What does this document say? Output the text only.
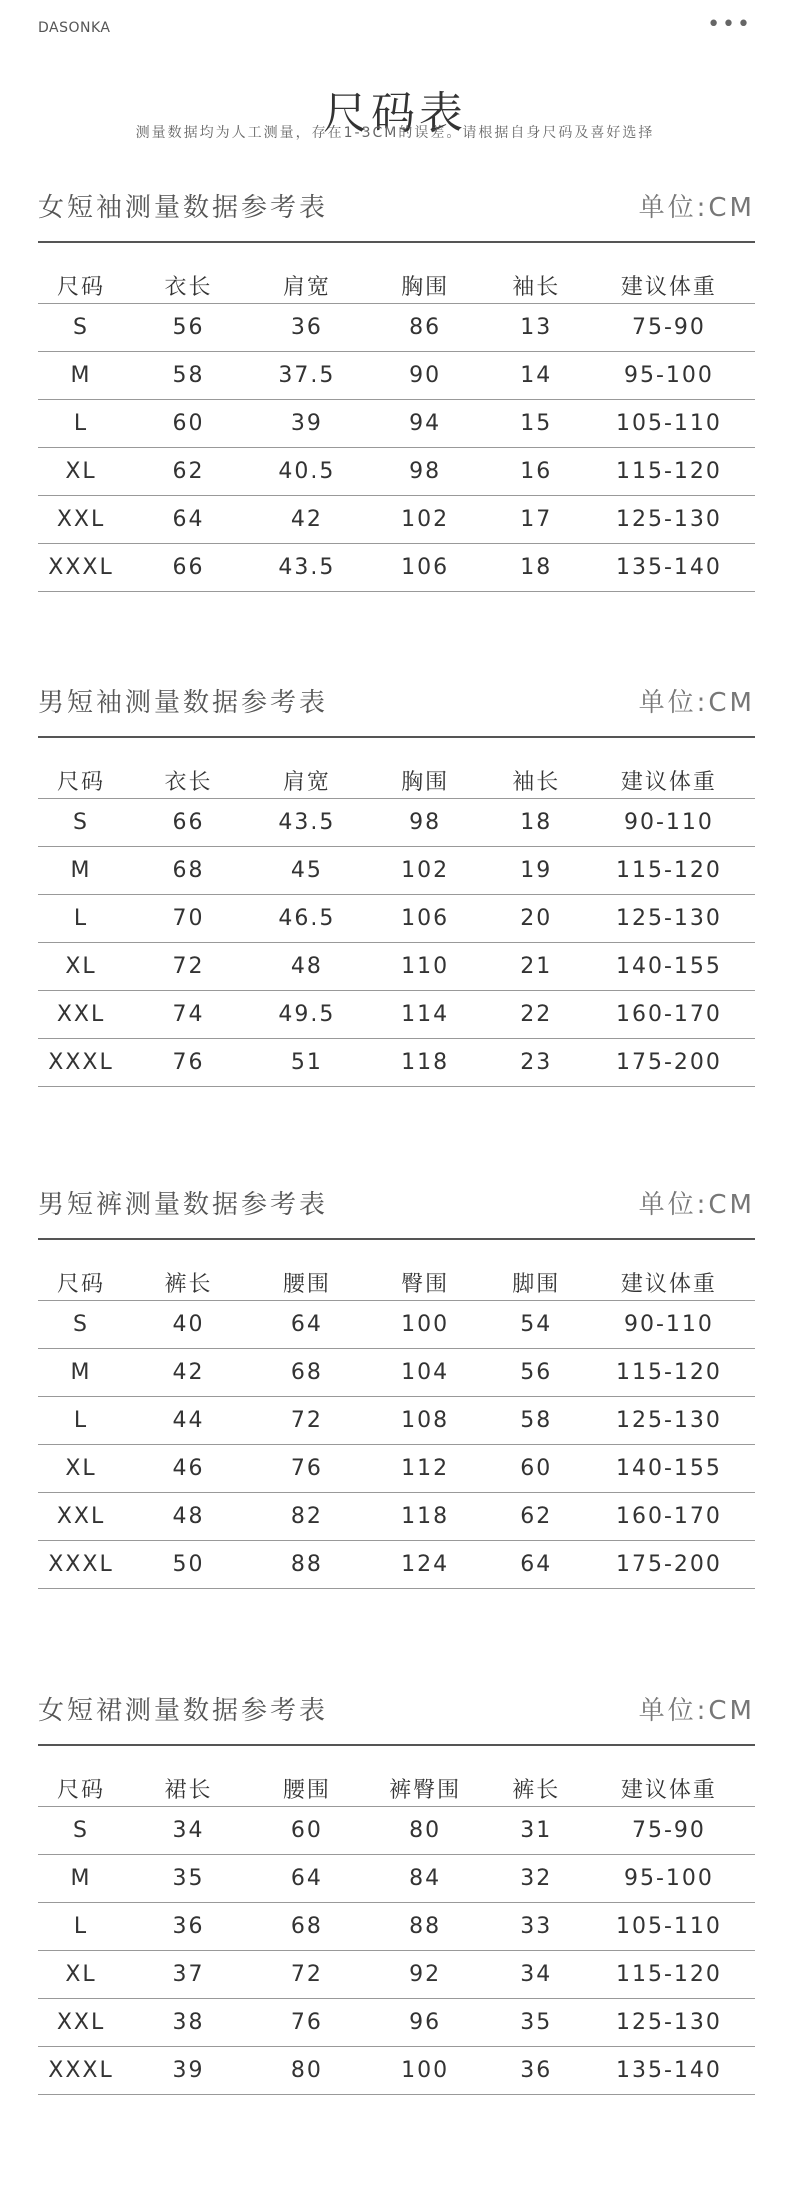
DASONKA	•••
尺码表
测量数据均为人工测量，存在1-3CM的误差。请根据自身尺码及喜好选择
女短袖测量数据参考表	单位:CM
尺码	衣长	肩宽	胸围	袖长	建议体重
S	56	36	86	13	75-90
M	58	37.5	90	14	95-100
L	60	39	94	15	105-110
XL	62	40.5	98	16	115-120
XXL	64	42	102	17	125-130
XXXL	66	43.5	106	18	135-140
男短袖测量数据参考表	单位:CM
尺码	衣长	肩宽	胸围	袖长	建议体重
S	66	43.5	98	18	90-110
M	68	45	102	19	115-120
L	70	46.5	106	20	125-130
XL	72	48	110	21	140-155
XXL	74	49.5	114	22	160-170
XXXL	76	51	118	23	175-200
男短裤测量数据参考表	单位:CM
尺码	裤长	腰围	臀围	脚围	建议体重
S	40	64	100	54	90-110
M	42	68	104	56	115-120
L	44	72	108	58	125-130
XL	46	76	112	60	140-155
XXL	48	82	118	62	160-170
XXXL	50	88	124	64	175-200
女短裙测量数据参考表	单位:CM
尺码	裙长	腰围	裤臀围	裤长	建议体重
S	34	60	80	31	75-90
M	35	64	84	32	95-100
L	36	68	88	33	105-110
XL	37	72	92	34	115-120
XXL	38	76	96	35	125-130
XXXL	39	80	100	36	135-140
